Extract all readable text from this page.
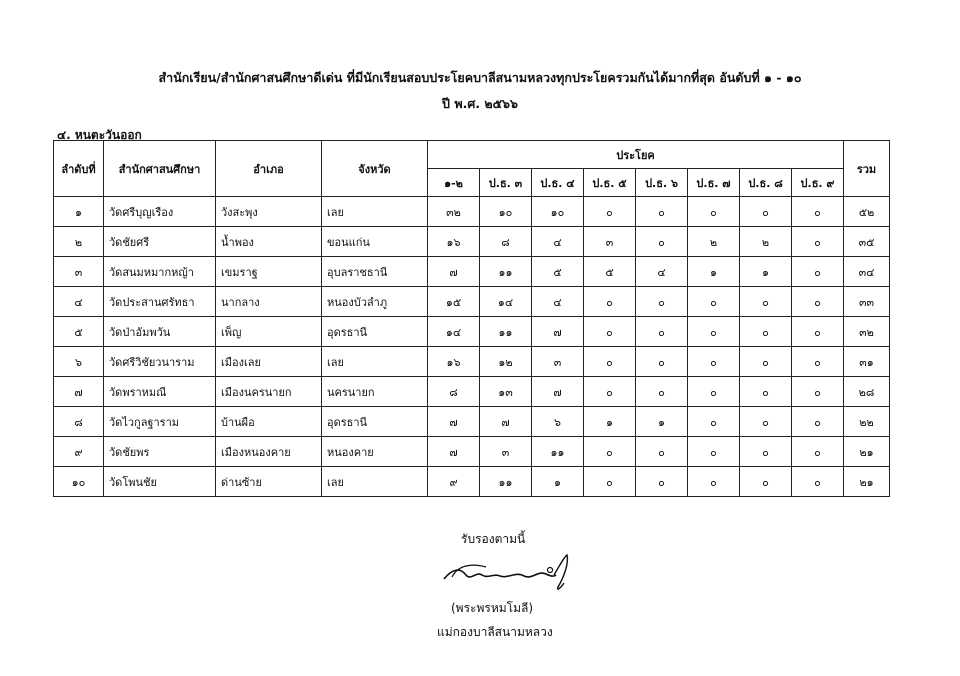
สำนักเรียน/สำนักศาสนศึกษาดีเด่น ที่มีนักเรียนสอบประโยคบาลีสนามหลวงทุกประโยครวมกันได้มากที่สุด อันดับที่ ๑ - ๑๐
ปี พ.ศ. ๒๕๖๖
๔. หนตะวันออก
ลำดับที่	สำนักศาสนศึกษา	อำเภอ	จังหวัด	ประโยค								รวม
				๑-๒	ป.ธ. ๓	ป.ธ. ๔	ป.ธ. ๕	ป.ธ. ๖	ป.ธ. ๗	ป.ธ. ๘	ป.ธ. ๙	
๑	วัดศรีบุญเรือง	วังสะพุง	เลย	๓๒	๑๐	๑๐	๐	๐	๐	๐	๐	๕๒
๒	วัดชัยศรี	น้ำพอง	ขอนแก่น	๑๖	๘	๔	๓	๐	๒	๒	๐	๓๕
๓	วัดสนมหมากหญ้า	เขมราฐ	อุบลราชธานี	๗	๑๑	๕	๕	๔	๑	๑	๐	๓๔
๔	วัดประสานศรัทธา	นากลาง	หนองบัวลำภู	๑๕	๑๔	๔	๐	๐	๐	๐	๐	๓๓
๕	วัดป่าอัมพวัน	เพ็ญ	อุดรธานี	๑๔	๑๑	๗	๐	๐	๐	๐	๐	๓๒
๖	วัดศรีวิชัยวนาราม	เมืองเลย	เลย	๑๖	๑๒	๓	๐	๐	๐	๐	๐	๓๑
๗	วัดพราหมณี	เมืองนครนายก	นครนายก	๘	๑๓	๗	๐	๐	๐	๐	๐	๒๘
๘	วัดไวกูลฐาราม	บ้านผือ	อุดรธานี	๗	๗	๖	๑	๑	๐	๐	๐	๒๒
๙	วัดชัยพร	เมืองหนองคาย	หนองคาย	๗	๓	๑๑	๐	๐	๐	๐	๐	๒๑
๑๐	วัดโพนชัย	ด่านซ้าย	เลย	๙	๑๑	๑	๐	๐	๐	๐	๐	๒๑
รับรองตามนี้
(พระพรหมโมลี)
แม่กองบาลีสนามหลวง
